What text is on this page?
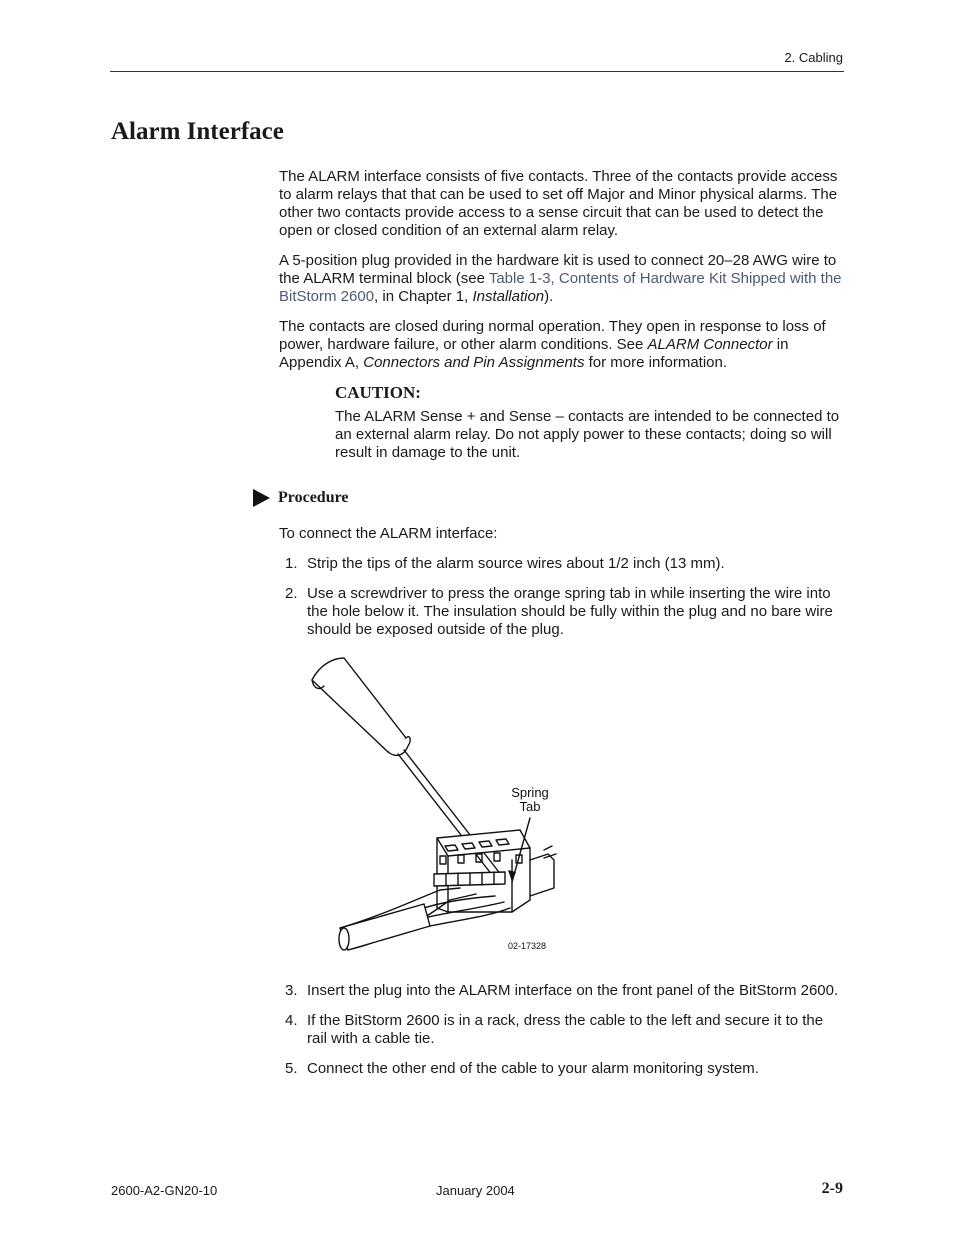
2. Cabling
Alarm Interface

The ALARM interface consists of five contacts. Three of the contacts provide access to alarm relays that that can be used to set off Major and Minor physical alarms. The other two contacts provide access to a sense circuit that can be used to detect the open or closed condition of an external alarm relay.

A 5-position plug provided in the hardware kit is used to connect 20–28 AWG wire to the ALARM terminal block (see Table 1-3, Contents of Hardware Kit Shipped with the BitStorm 2600, in Chapter 1, Installation).

The contacts are closed during normal operation. They open in response to loss of power, hardware failure, or other alarm conditions. See ALARM Connector in Appendix A, Connectors and Pin Assignments for more information.

CAUTION:
The ALARM Sense + and Sense – contacts are intended to be connected to an external alarm relay. Do not apply power to these contacts; doing so will result in damage to the unit.
Procedure
To connect the ALARM interface:
1. Strip the tips of the alarm source wires about 1/2 inch (13 mm).
2. Use a screwdriver to press the orange spring tab in while inserting the wire into the hole below it. The insulation should be fully within the plug and no bare wire should be exposed outside of the plug.
Spring
Tab
02-17328
3. Insert the plug into the ALARM interface on the front panel of the BitStorm 2600.
4. If the BitStorm 2600 is in a rack, dress the cable to the left and secure it to the rail with a cable tie.
5. Connect the other end of the cable to your alarm monitoring system.
2600-A2-GN20-10	January 2004	2-9
